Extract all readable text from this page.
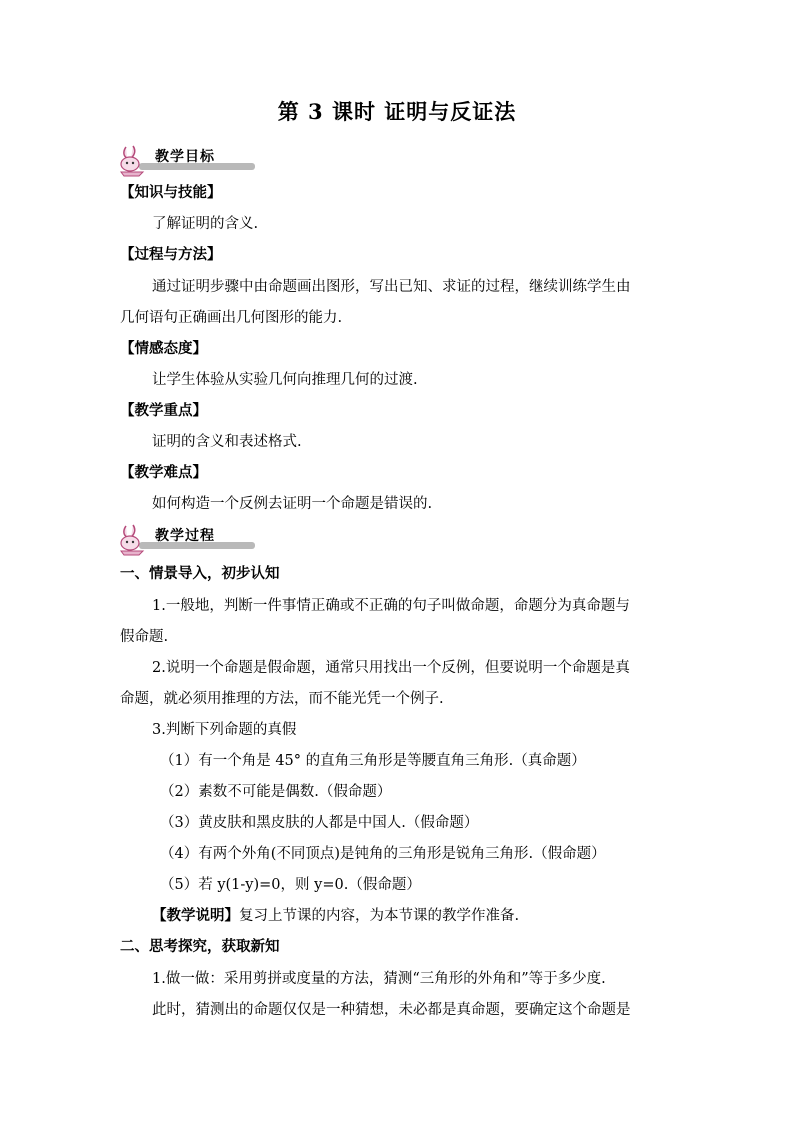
第 3 课时 证明与反证法
教学目标
【知识与技能】
了解证明的含义.
【过程与方法】
通过证明步骤中由命题画出图形，写出已知、求证的过程，继续训练学生由
几何语句正确画出几何图形的能力.
【情感态度】
让学生体验从实验几何向推理几何的过渡.
【教学重点】
证明的含义和表述格式.
【教学难点】
如何构造一个反例去证明一个命题是错误的.
教学过程
一、情景导入，初步认知
1.一般地，判断一件事情正确或不正确的句子叫做命题，命题分为真命题与
假命题.
2.说明一个命题是假命题，通常只用找出一个反例，但要说明一个命题是真
命题，就必须用推理的方法，而不能光凭一个例子.
3.判断下列命题的真假
（1）有一个角是 45° 的直角三角形是等腰直角三角形.（真命题）
（2）素数不可能是偶数.（假命题）
（3）黄皮肤和黑皮肤的人都是中国人.（假命题）
（4）有两个外角(不同顶点)是钝角的三角形是锐角三角形.（假命题）
（5）若 y(1-y)=0，则 y=0.（假命题）
【教学说明】复习上节课的内容，为本节课的教学作准备.
二、思考探究，获取新知
1.做一做：采用剪拼或度量的方法，猜测“三角形的外角和”等于多少度.
此时，猜测出的命题仅仅是一种猜想，未必都是真命题，要确定这个命题是
